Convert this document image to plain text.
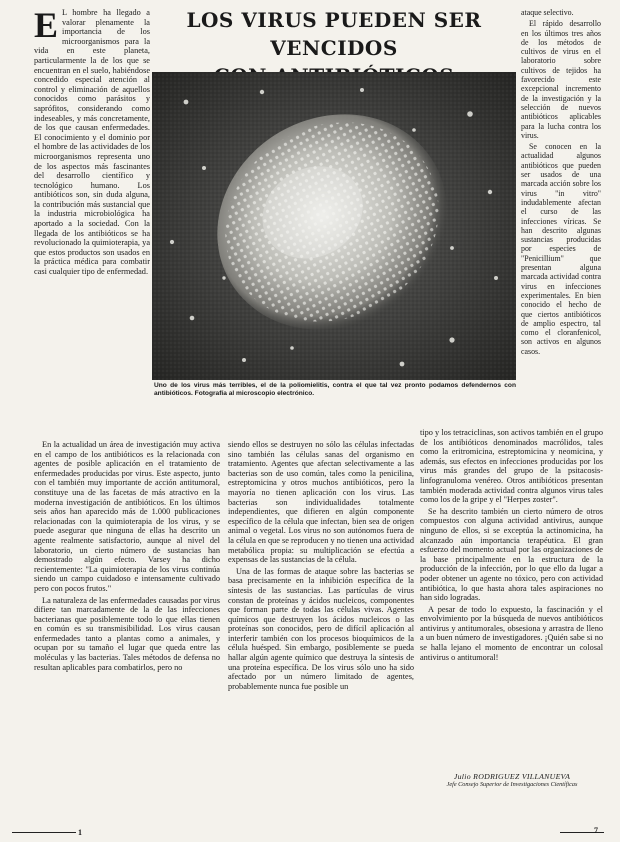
E L hombre ha llegado a valorar plenamente la importancia de los microorganismos para la vida en este planeta, particularmente la de los que se encuentran en el suelo, habiéndose concedido especial atención al control y eliminación de aquellos conocidos como parásitos y saprófitos, considerando como indeseables, y más concretamente, de los que causan enfermedades. El conocimiento y el dominio por el hombre de las actividades de los microorganismos representa uno de los aspectos más fascinantes del desarrollo científico y tecnológico humano. Los antibióticos son, sin duda alguna, la contribución más sustancial que la industria microbiológica ha aportado a la sociedad. Con la llegada de los antibióticos se ha revolucionado la quimioterapia, ya que estos productos son usados en la práctica médica para combatir casi cualquier tipo de enfermedad.

LOS VIRUS PUEDEN SER VENCIDOS
Uno de los virus más terribles, el de la poliomielitis, contra el que tal vez pronto podamos defendernos con antibióticos. Fotografía al microscopio electrónico.

ataque selectivo.

El rápido desarrollo en los últimos tres años de los métodos de cultivos de virus en el laboratorio sobre cultivos de tejidos ha favorecido este excepcional incremento de la investigación y la selección de nuevos antibióticos aplicables para la lucha contra los virus.

Se conocen en la actualidad algunos antibióticos que pueden ser usados de una marcada acción sobre los virus "in vitro" indudablemente afectan el curso de las infecciones víricas. Se han descrito algunas sustancias producidas por especies de "Penicillium" que presentan alguna marcada actividad contra virus en infecciones experimentales. En bien conocido el hecho de que ciertos antibióticos de amplio espectro, tal como el cloranfenicol, son activos en algunos casos.

En la actualidad un área de investigación muy activa en el campo de los antibióticos es la relacionada con agentes de posible aplicación en el tratamiento de enfermedades producidas por virus. Este aspecto, junto con el también muy importante de acción antitumoral, constituye una de las facetas de más atractivo en la moderna investigación de antibióticos. En los últimos seis años han aparecido más de 1.000 publicaciones relacionadas con la quimioterapia de los virus, y se puede asegurar que ninguna de ellas ha descrito un agente realmente satisfactorio, aunque al nivel del laboratorio, un cierto número de sustancias han demostrado algún efecto. Varsey ha dicho recientemente: "La quimioterapia de los virus continúa siendo un campo cuidadoso e intensamente cultivado pero con pocos frutos."

La naturaleza de las enfermedades causadas por virus difiere tan marcadamente de la de las infecciones bacterianas que posiblemente todo lo que ellas tienen en común es su transmisibilidad. Los virus causan enfermedades tanto a plantas como a animales, y ocupan por su tamaño el lugar que queda entre las moléculas y las bacterias. Tales métodos de defensa no resultan aplicables para combatirlos, pero no

siendo ellos se destruyen no sólo las células infectadas sino también las células sanas del organismo en tratamiento. Agentes que afectan selectivamente a las bacterias son de uso común, tales como la penicilina, estreptomicina y otros muchos antibióticos, pero la mayoría no tienen aplicación con los virus. Las bacterias son individualidades totalmente independientes, que difieren en algún componente específico de la célula que infectan, bien sea de origen animal o vegetal. Los virus no son autónomos fuera de la célula en que se reproducen y no tienen una actividad metabólica propia: su multiplicación se efectúa a expensas de las sustancias de la célula.

Una de las formas de ataque sobre las bacterias se basa precisamente en la inhibición específica de la síntesis de las sustancias. Las partículas de virus constan de proteínas y ácidos nucleicos, componentes que forman parte de todas las células vivas. Agentes químicos que destruyen los ácidos nucleicos o las proteínas son conocidos, pero de difícil aplicación al interferir también con los procesos bioquímicos de la célula huésped. Sin embargo, posiblemente se pueda hallar algún agente químico que destruya la síntesis de una proteína específica. De los virus sólo uno ha sido afectado por un número limitado de agentes, probablemente nunca fue posible un

tipo y los tetraciclinas, son activos también en el grupo de los antibióticos denominados macrólidos, tales como la eritromicina, estreptomicina y neomicina, y además, sus efectos en infecciones producidas por los virus más grandes del grupo de la psitacosis-linfogranuloma venéreo. Otros antibióticos presentan también moderada actividad contra algunos virus tales como los de la gripe y el "Herpes zoster".

Se ha descrito también un cierto número de otros compuestos con alguna actividad antivirus, aunque ninguno de ellos, si se exceptúa la actinomicina, ha alcanzado aún importancia terapéutica. El gran esfuerzo del momento actual por las organizaciones de la base principalmente en la estructura de la producción de la infección, por lo que ello da lugar a poder obtener un agente no tóxico, pero con actividad antibiótica, lo que hasta ahora tales aspiraciones no han sido logradas.

A pesar de todo lo expuesto, la fascinación y el envolvimiento por la búsqueda de nuevos antibióticos antivirus y antitumorales, obsesiona y arrastra de lleno a un buen número de investigadores. ¡Quién sabe si no se halla lejano el momento de encontrar un colosal antivirus o antitumoral!

Julio RODRIGUEZ VILLANUEVA
Jefe Consejo Superior de Investigaciones Científicas
1	7
